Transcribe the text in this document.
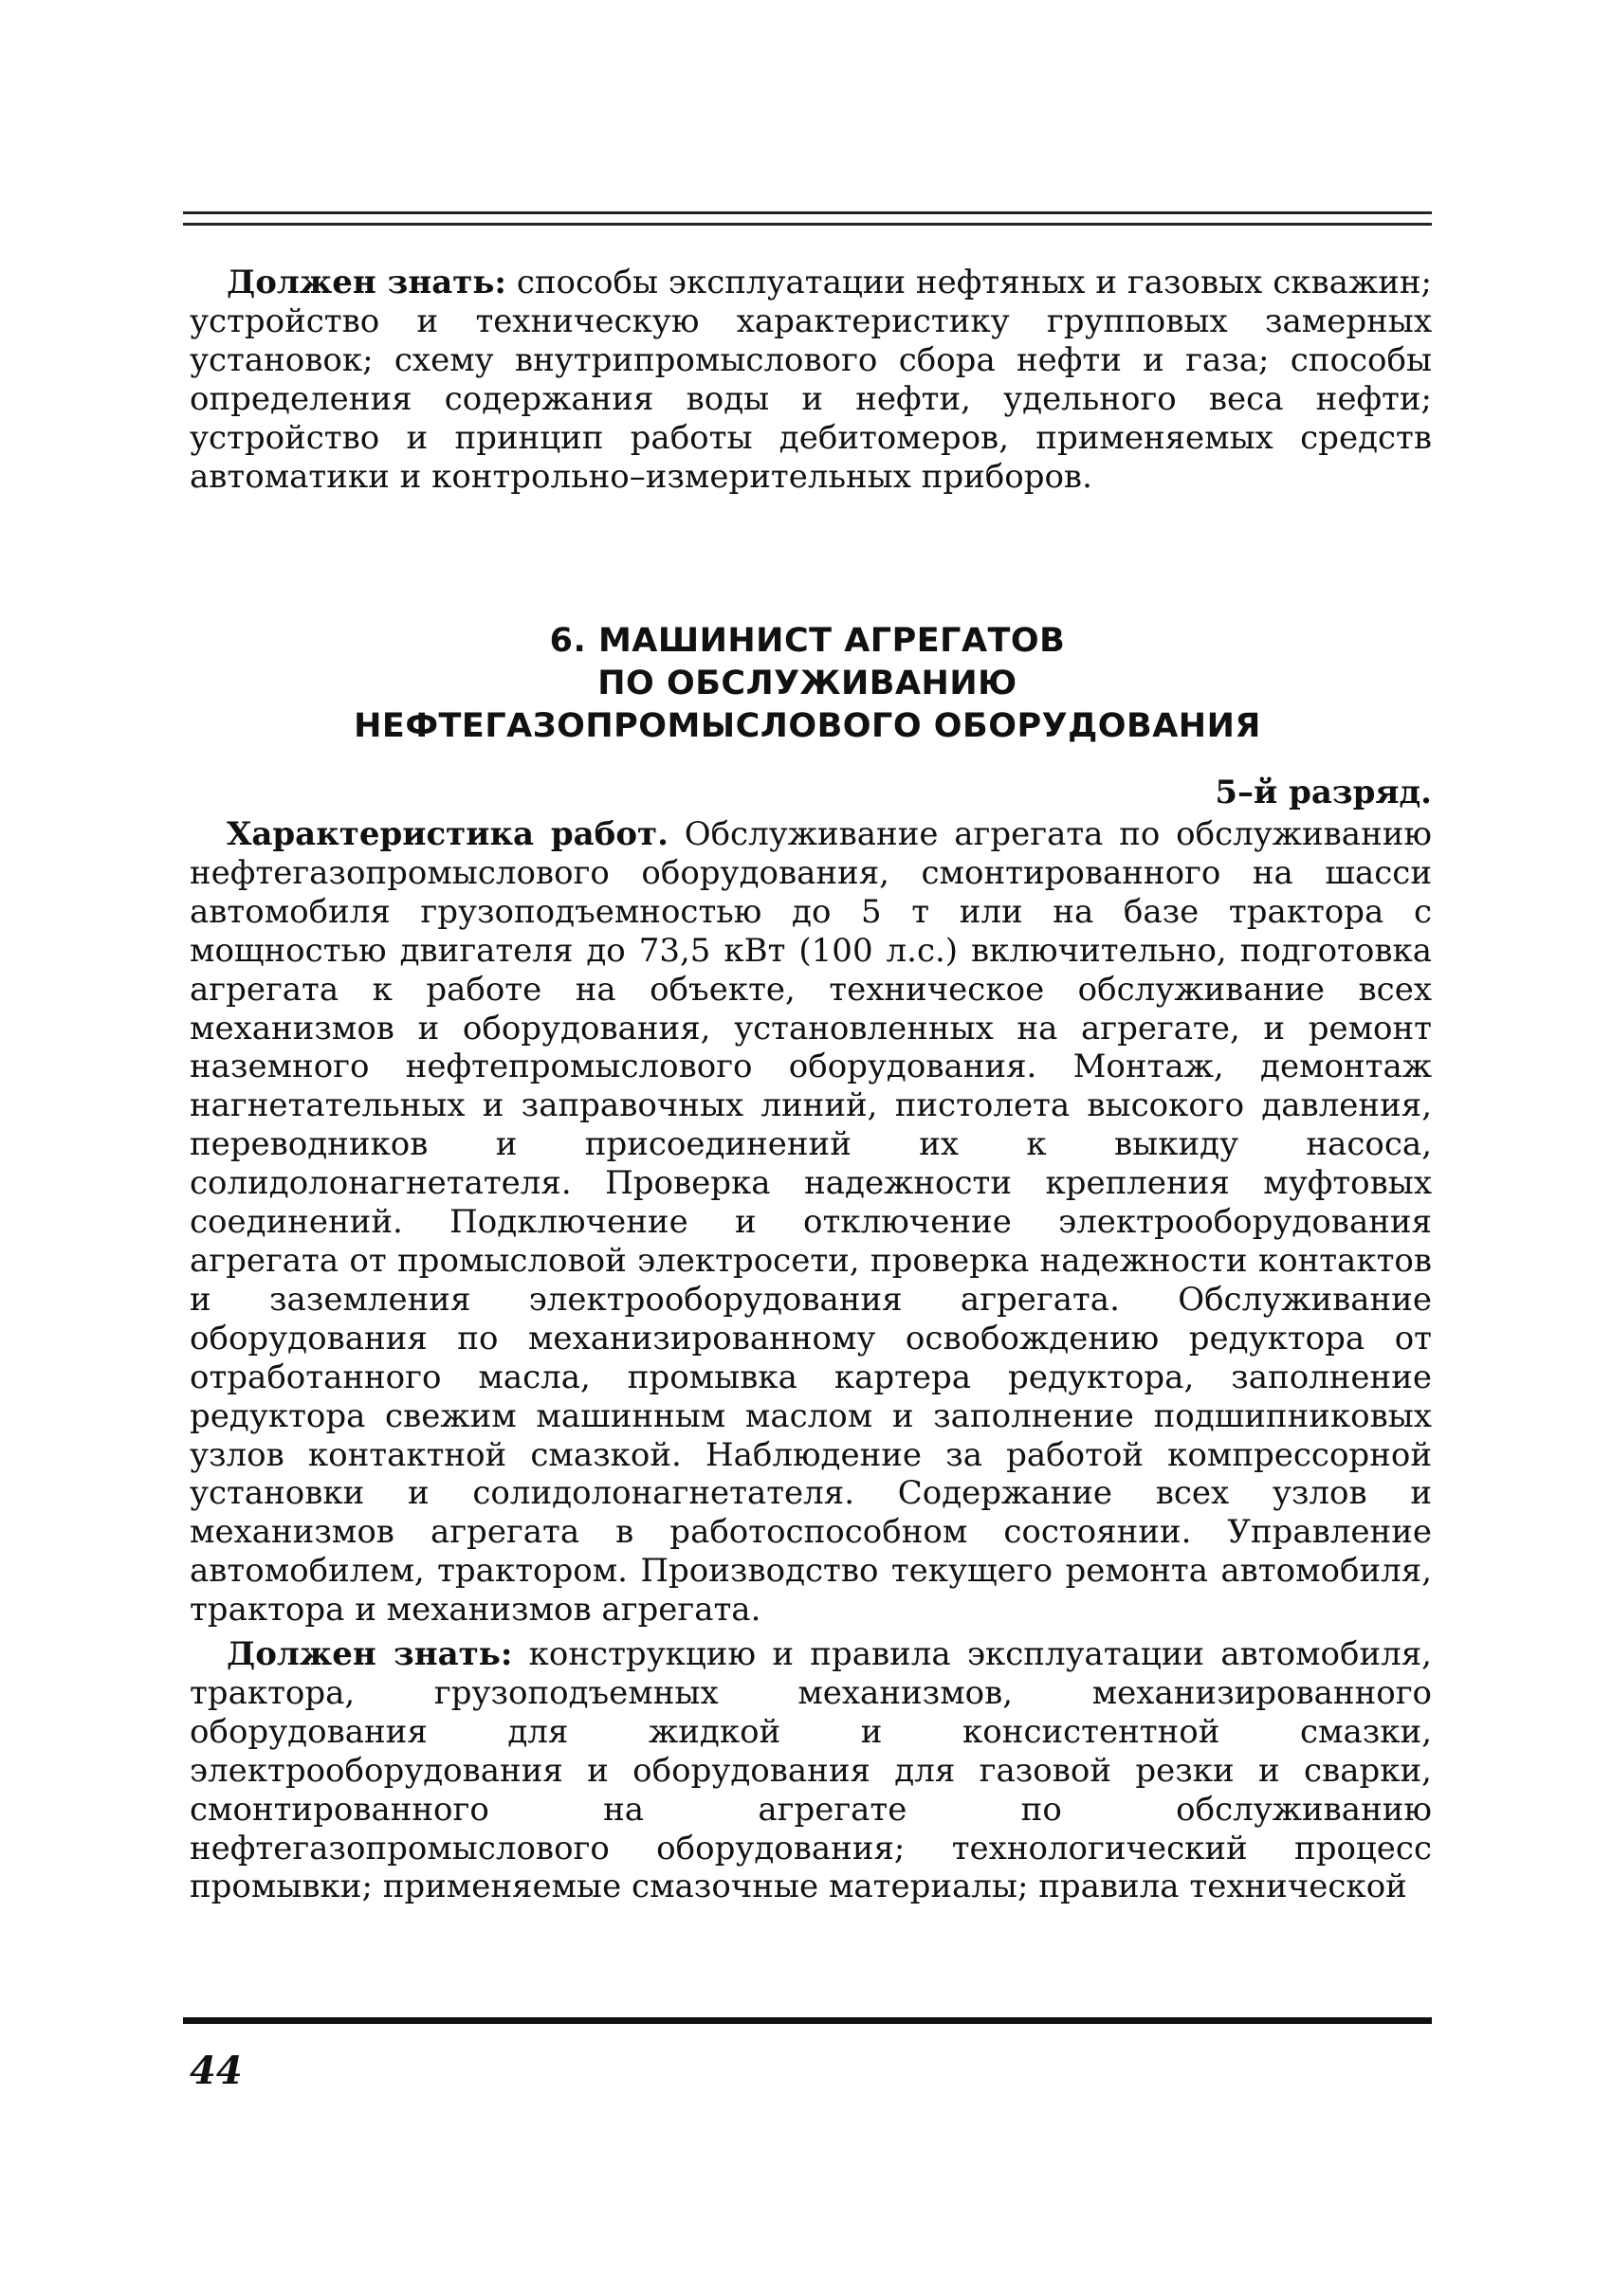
Должен знать: способы эксплуатации нефтяных и газовых скважин; устройство и техническую характеристику групповых замерных установок; схему внутрипромыслового сбора нефти и газа; способы определения содержания воды и нефти, удельного веса нефти; устройство и принцип работы дебитомеров, применяемых средств автоматики и контрольно–измерительных приборов.

6. МАШИНИСТ АГРЕГАТОВ
ПО ОБСЛУЖИВАНИЮ
НЕФТЕГАЗОПРОМЫСЛОВОГО ОБОРУДОВАНИЯ
5–й разряд.

Характеристика работ. Обслуживание агрегата по обслуживанию нефтегазопромыслового оборудования, смонтированного на шасси автомобиля грузоподъемностью до 5 т или на базе трактора с мощностью двигателя до 73,5 кВт (100 л.с.) включительно, подготовка агрегата к работе на объекте, техническое обслуживание всех механизмов и оборудования, установленных на агрегате, и ремонт наземного нефтепромыслового оборудования. Монтаж, демонтаж нагнетательных и заправочных линий, пистолета высокого давления, переводников и присоединений их к выкиду насоса, солидолонагнетателя. Проверка надежности крепления муфтовых соединений. Подключение и отключение электрооборудования агрегата от промысловой электросети, проверка надежности контактов и заземления электрооборудования агрегата. Обслуживание оборудования по механизированному освобождению редуктора от отработанного масла, промывка картера редуктора, заполнение редуктора свежим машинным маслом и заполнение подшипниковых узлов контактной смазкой. Наблюдение за работой компрессорной установки и солидолонагнетателя. Содержание всех узлов и механизмов агрегата в работоспособном состоянии. Управление автомобилем, трактором. Производство текущего ремонта автомобиля, трактора и механизмов агрегата.

Должен знать: конструкцию и правила эксплуатации автомобиля, трактора, грузоподъемных механизмов, механизированного оборудования для жидкой и консистентной смазки, электрооборудования и оборудования для газовой резки и сварки, смонтированного на агрегате по обслуживанию нефтегазопромыслового оборудования; технологический процесс промывки; применяемые смазочные материалы; правила технической

44
